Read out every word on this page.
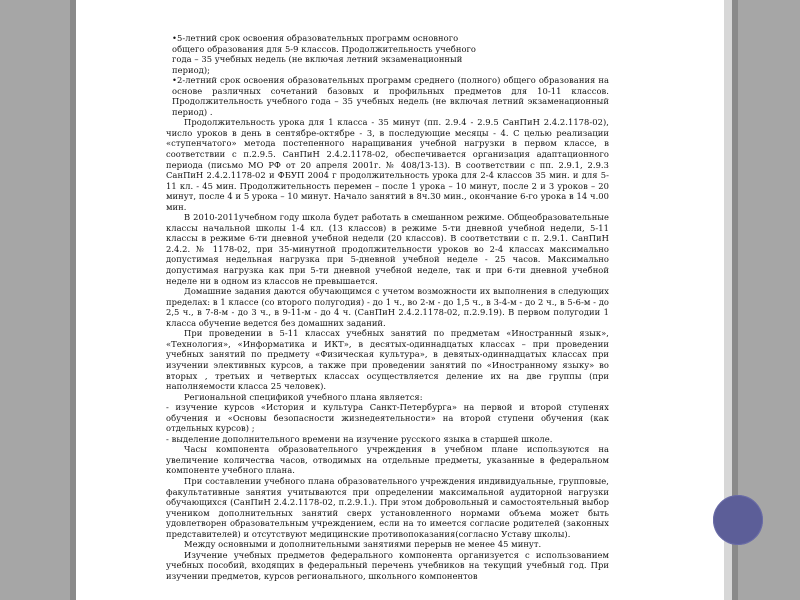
•5-летний срок освоения образовательных программ основного общего образования для 5-9 классов. Продолжительность учебного года – 35 учебных недель (не включая летний экзаменационный период);

•2-летний срок освоения образовательных программ среднего (полного) общего образования на основе различных сочетаний базовых и профильных предметов для 10-11 классов. Продолжительность учебного года – 35 учебных недель (не включая летний экзаменационный период) .

Продолжительность урока для 1 класса - 35 минут (пп. 2.9.4 - 2.9.5 СанПиН 2.4.2.1178-02), число уроков в день в сентябре-октябре - 3, в последующие месяцы - 4. С целью реализации «ступенчатого» метода постепенного наращивания учебной нагрузки в первом классе, в соответствии с п.2.9.5. СанПиН 2.4.2.1178-02, обеспечивается организация адаптационного периода (письмо МО РФ от 20 апреля 2001г. № 408/13-13). В соответствии с пп. 2.9.1, 2.9.3 СанПиН 2.4.2.1178-02 и ФБУП 2004 г продолжительность урока для 2-4 классов 35 мин. и для 5- 11 кл. - 45 мин. Продолжительность перемен – после 1 урока – 10 минут, после 2 и 3 уроков – 20 минут, после 4 и 5 урока – 10 минут. Начало занятий в 8ч.30 мин., окончание 6-го урока в 14 ч.00 мин.

В 2010-2011учебном году школа будет работать в смешанном режиме. Общеобразовательные классы начальной школы 1-4 кл. (13 классов) в режиме 5-ти дневной учебной недели, 5-11 классы в режиме 6-ти дневной учебной недели (20 классов). В соответствии с п. 2.9.1. СанПиН 2.4.2. № 1178-02, при 35-минутной продолжительности уроков во 2-4 классах максимально допустимая недельная нагрузка при 5-дневной учебной неделе - 25 часов. Максимально допустимая нагрузка как при 5-ти дневной учебной неделе, так и при 6-ти дневной учебной неделе ни в одном из классов не превышается.

Домашние задания даются обучающимся с учетом возможности их выполнения в следующих пределах: в 1 классе (со второго полугодия) - до 1 ч., во 2-м - до 1,5 ч., в 3-4-м - до 2 ч., в 5-6-м - до 2,5 ч., в 7-8-м - до 3 ч., в 9-11-м - до 4 ч. (СанПиН 2.4.2.1178-02, п.2.9.19). В первом полугодии 1 класса обучение ведется без домашних заданий.

При проведении в 5-11 классах учебных занятий по предметам «Иностранный язык», «Технология», «Информатика и ИКТ», в десятых-одиннадцатых классах – при проведении учебных занятий по предмету «Физическая культура», в девятых-одиннадцатых классах при изучении элективных курсов, а также при проведении занятий по «Иностранному языку» во вторых , третьих и четвертых классах осуществляется деление их на две группы (при наполняемости класса 25 человек).

Региональной спецификой учебного плана является:

- изучение курсов «История и культура Санкт-Петербурга» на первой и второй ступенях обучения и «Основы безопасности жизнедеятельности» на второй ступени обучения (как отдельных курсов) ;

- выделение дополнительного времени на изучение русского языка в старшей школе.

Часы компонента образовательного учреждения в учебном плане используются на увеличение количества часов, отводимых на отдельные предметы, указанные в федеральном компоненте учебного плана.

При составлении учебного плана образовательного учреждения индивидуальные, групповые, факультативные занятия учитываются при определении максимальной аудиторной нагрузки обучающихся (СанПиН 2.4.2.1178-02, п.2.9.1.). При этом добровольный и самостоятельный выбор учеником дополнительных занятий сверх установленного нормами объема может быть удовлетворен образовательным учреждением, если на то имеется согласие родителей (законных представителей) и отсутствуют медицинские противопоказания(согласно Уставу школы).

Между основными и дополнительными занятиями перерыв не менее 45 минут.

Изучение учебных предметов федерального компонента организуется с использованием учебных пособий, входящих в федеральный перечень учебников на текущий учебный год. При изучении предметов, курсов регионального, школьного компонентов
